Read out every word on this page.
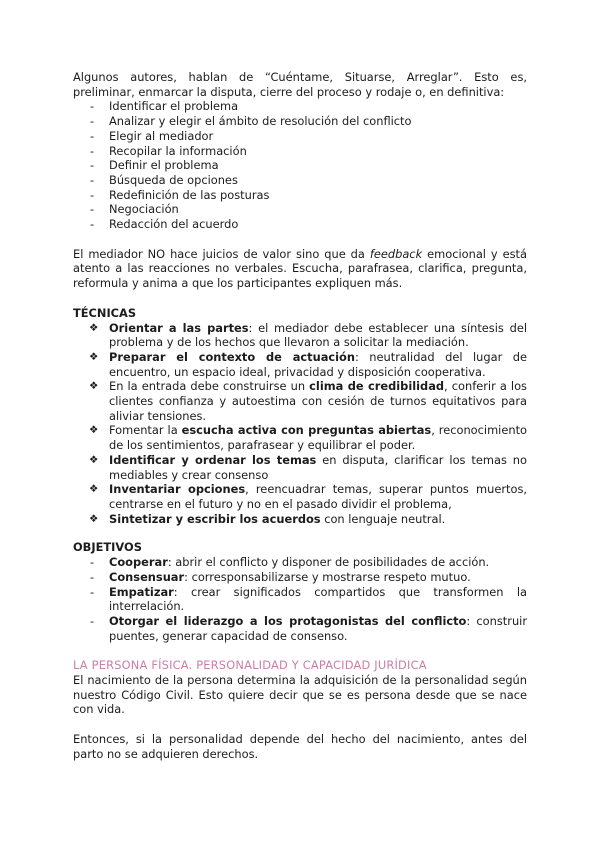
Algunos autores, hablan de “Cuéntame, Situarse, Arreglar”. Esto es, preliminar, enmarcar la disputa, cierre del proceso y rodaje o, en definitiva:

- Identificar el problema
- Analizar y elegir el ámbito de resolución del conflicto
- Elegir al mediador
- Recopilar la información
- Definir el problema
- Búsqueda de opciones
- Redefinición de las posturas
- Negociación
- Redacción del acuerdo

El mediador NO hace juicios de valor sino que da feedback emocional y está atento a las reacciones no verbales. Escucha, parafrasea, clarifica, pregunta, reformula y anima a que los participantes expliquen más.

TÉCNICAS
❖ Orientar a las partes: el mediador debe establecer una síntesis del problema y de los hechos que llevaron a solicitar la mediación.
❖ Preparar el contexto de actuación: neutralidad del lugar de encuentro, un espacio ideal, privacidad y disposición cooperativa.
❖ En la entrada debe construirse un clima de credibilidad, conferir a los clientes confianza y autoestima con cesión de turnos equitativos para aliviar tensiones.
❖ Fomentar la escucha activa con preguntas abiertas, reconocimiento de los sentimientos, parafrasear y equilibrar el poder.
❖ Identificar y ordenar los temas en disputa, clarificar los temas no mediables y crear consenso
❖ Inventariar opciones, reencuadrar temas, superar puntos muertos, centrarse en el futuro y no en el pasado dividir el problema,
❖ Sintetizar y escribir los acuerdos con lenguaje neutral.
OBJETIVOS
- Cooperar: abrir el conflicto y disponer de posibilidades de acción.
- Consensuar: corresponsabilizarse y mostrarse respeto mutuo.
- Empatizar: crear significados compartidos que transformen la interrelación.
- Otorgar el liderazgo a los protagonistas del conflicto: construir puentes, generar capacidad de consenso.
LA PERSONA FÍSICA. PERSONALIDAD Y CAPACIDAD JURÍDICA

El nacimiento de la persona determina la adquisición de la personalidad según nuestro Código Civil. Esto quiere decir que se es persona desde que se nace con vida.

Entonces, si la personalidad depende del hecho del nacimiento, antes del parto no se adquieren derechos.
